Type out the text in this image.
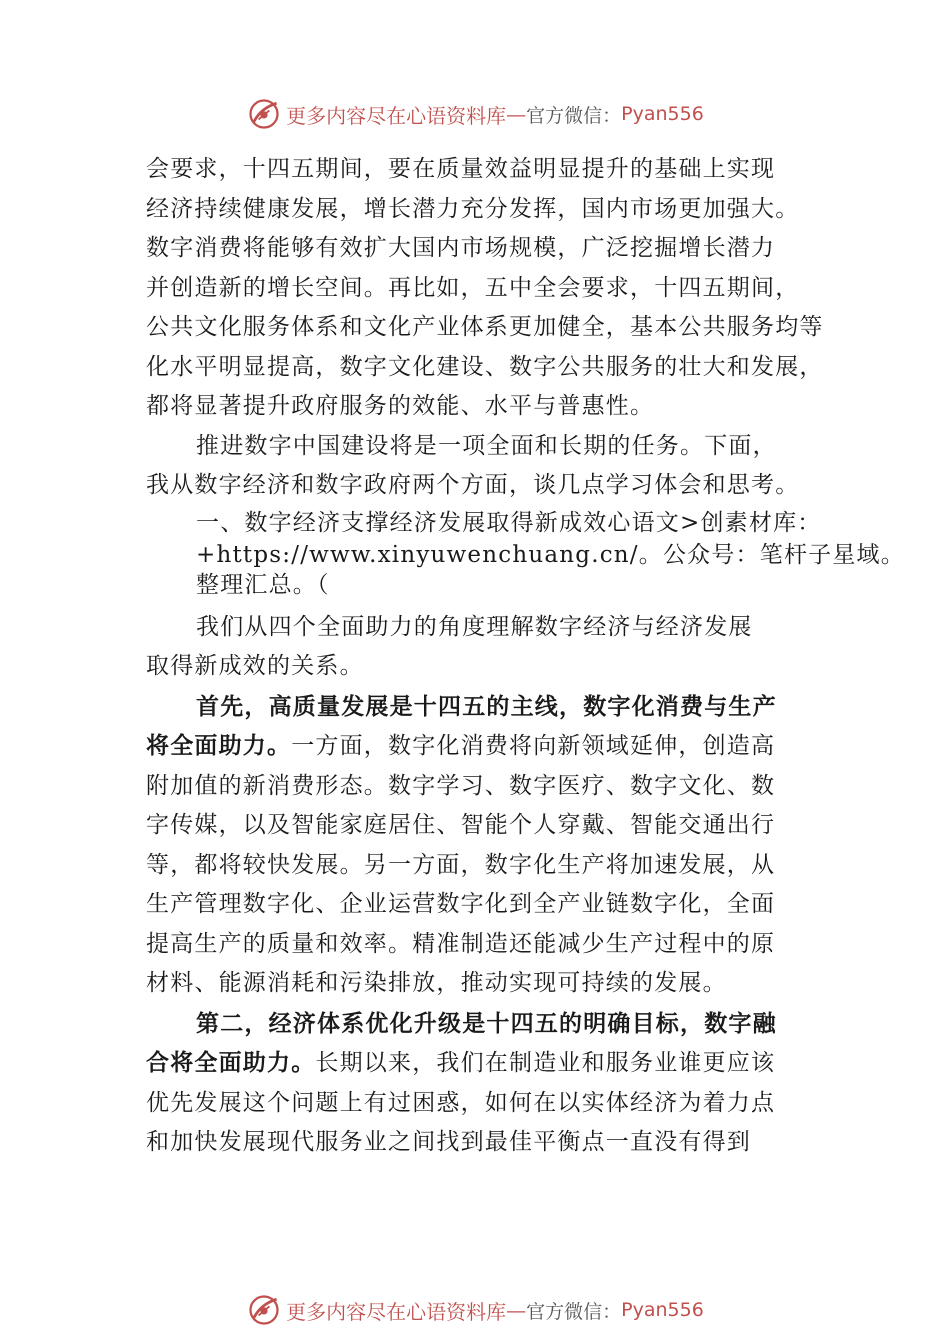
更多内容尽在心语资料库 — 官方微信： Pyan556
会要求，十四五期间，要在质量效益明显提升的基础上实现
经济持续健康发展，增长潜力充分发挥，国内市场更加强大。
数字消费将能够有效扩大国内市场规模，广泛挖掘增长潜力
并创造新的增长空间。再比如，五中全会要求，十四五期间，
公共文化服务体系和文化产业体系更加健全，基本公共服务均等
化水平明显提高，数字文化建设、数字公共服务的壮大和发展，
都将显著提升政府服务的效能、水平与普惠性。
推进数字中国建设将是一项全面和长期的任务。下面，
我从数字经济和数字政府两个方面，谈几点学习体会和思考。
一、数字经济支撑经济发展取得新成效心语文>创素材库：
+https://www.xinyuwenchuang.cn/。公众号：笔杆子星域。
整理汇总。（
我们从四个全面助力的角度理解数字经济与经济发展
取得新成效的关系。
首先，高质量发展是十四五的主线，数字化消费与生产
将全面助力。一方面，数字化消费将向新领域延伸，创造高
附加值的新消费形态。数字学习、数字医疗、数字文化、数
字传媒，以及智能家庭居住、智能个人穿戴、智能交通出行
等，都将较快发展。另一方面，数字化生产将加速发展，从
生产管理数字化、企业运营数字化到全产业链数字化，全面
提高生产的质量和效率。精准制造还能减少生产过程中的原
材料、能源消耗和污染排放，推动实现可持续的发展。
第二，经济体系优化升级是十四五的明确目标，数字融
合将全面助力。长期以来，我们在制造业和服务业谁更应该
优先发展这个问题上有过困惑，如何在以实体经济为着力点
和加快发展现代服务业之间找到最佳平衡点一直没有得到
更多内容尽在心语资料库 — 官方微信： Pyan556
